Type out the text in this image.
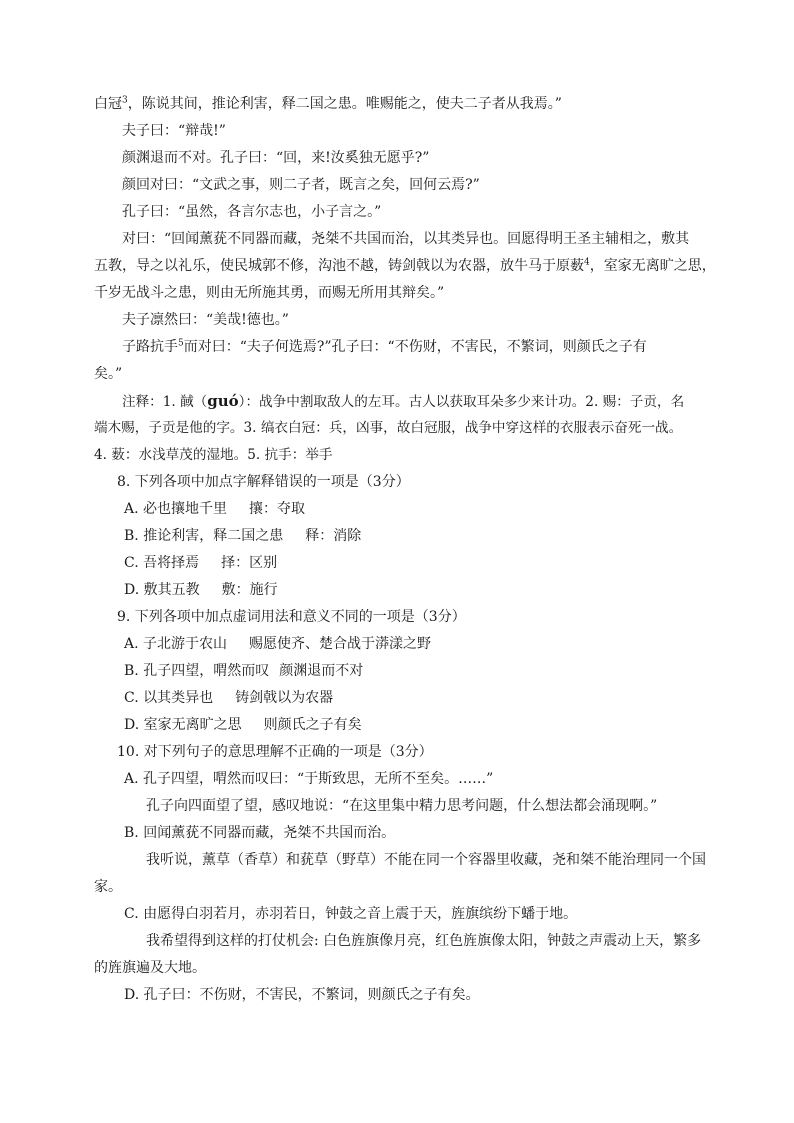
白冠$^3$，陈说其间，推论利害，释二国之患。唯赐能之，使夫二子者从我焉。”
夫子曰：“辩哉!”
颜渊退而不对。孔子曰：“回，来!汝奚独无愿乎?”
颜回对曰：“文武之事，则二子者，既言之矣，回何云焉?”
孔子曰：“虽然，各言尔志也，小子言之。”
对曰：“回闻薰莸不同器而藏，尧桀不共国而治，以其类异也。回愿得明王圣主辅相之，敷其
五教，导之以礼乐，使民城郭不修，沟池不越，铸剑戟以为农器，放牛马于原薮$^4$，室家无离旷之思，
千岁无战斗之患，则由无所施其勇，而赐无所用其辩矣。”
夫子凛然曰：“美哉!德也。”
子路抗手$^5$而对曰：“夫子何选焉?”孔子曰：“不伤财，不害民，不繁词，则颜氏之子有
矣。”
注释：1. 馘（guó）：战争中割取敌人的左耳。古人以获取耳朵多少来计功。2. 赐：子贡，名
端木赐，子贡是他的字。3. 缟衣白冠：兵，凶事，故白冠服，战争中穿这样的衣服表示奋死一战。
4. 薮：水浅草茂的湿地。5. 抗手：举手
8. 下列各项中加点字解释错误的一项是（3分）
A. 必也攘地千里 攘：夺取
B. 推论利害，释二国之患 释：消除
C. 吾将择焉 择：区别
D. 敷其五教 敷：施行
9. 下列各项中加点虚词用法和意义不同的一项是（3分）
A. 子北游于农山 赐愿使齐、楚合战于漭漾之野
B. 孔子四望，喟然而叹 颜渊退而不对
C. 以其类异也 铸剑戟以为农器
D. 室家无离旷之思 则颜氏之子有矣
10. 对下列句子的意思理解不正确的一项是（3分）
A. 孔子四望，喟然而叹曰：“于斯致思，无所不至矣。……”
孔子向四面望了望，感叹地说：“在这里集中精力思考问题，什么想法都会涌现啊。”
B. 回闻薰莸不同器而藏，尧桀不共国而治。
我听说，薰草（香草）和莸草（野草）不能在同一个容器里收藏，尧和桀不能治理同一个国
家。
C. 由愿得白羽若月，赤羽若日，钟鼓之音上震于天，旌旗缤纷下蟠于地。
我希望得到这样的打仗机会: 白色旌旗像月亮，红色旌旗像太阳，钟鼓之声震动上天，繁多
的旌旗遍及大地。
D. 孔子曰：不伤财，不害民，不繁词，则颜氏之子有矣。
